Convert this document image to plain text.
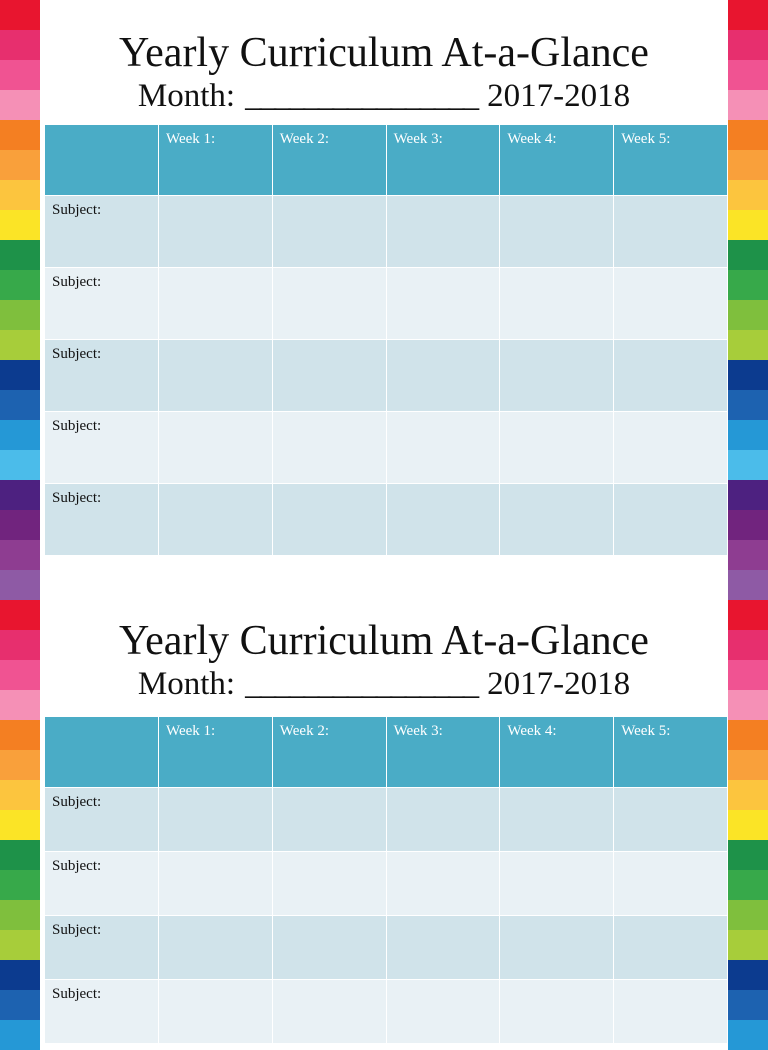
Yearly Curriculum At-a-Glance
Month: ________________ 2017-2018
	Week 1:	Week 2:	Week 3:	Week 4:	Week 5:
Subject:					
Subject:					
Subject:					
Subject:					
Subject:					
Yearly Curriculum At-a-Glance
Month: ________________ 2017-2018
	Week 1:	Week 2:	Week 3:	Week 4:	Week 5:
Subject:					
Subject:					
Subject:					
Subject:					
